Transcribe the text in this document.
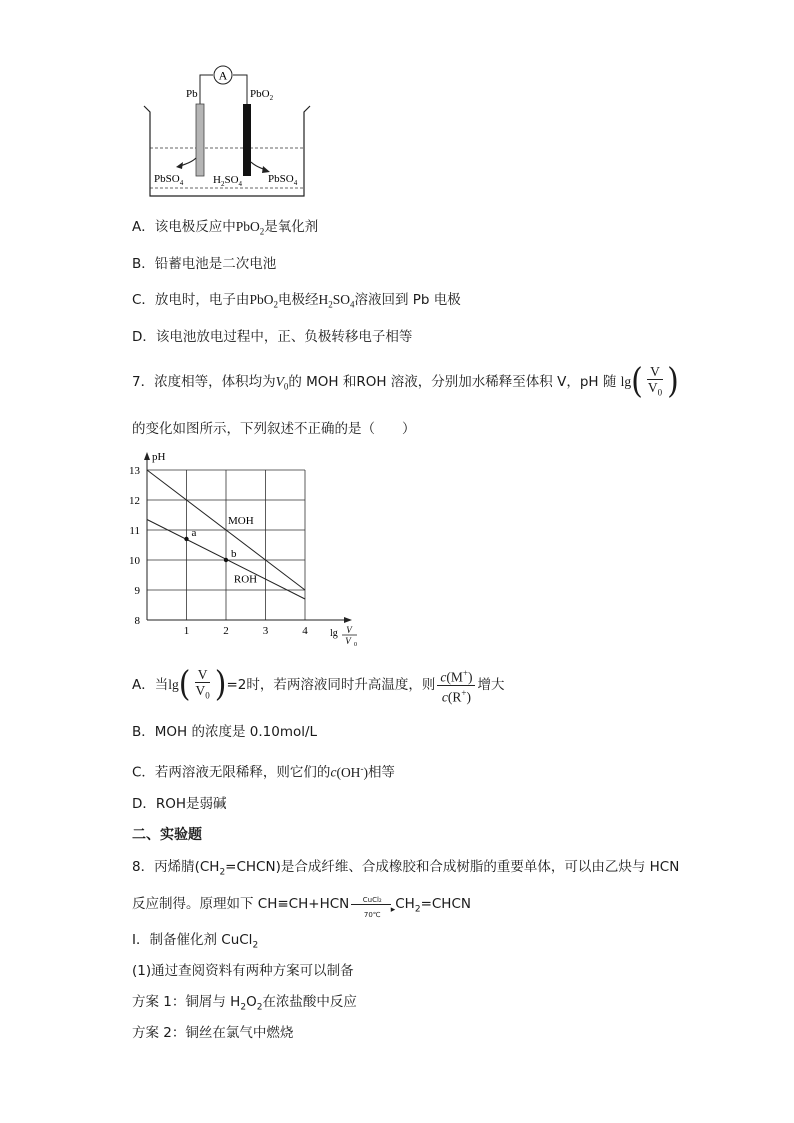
A
Pb	PbO$_2$
PbSO$_4$	$H_2SO_4$ PbSO$_4$
A．该电极反应中PbO$_2$是氧化剂
B．铅蓄电池是二次电池
C．放电时，电子由PbO$_2$电极经$H_2SO_4$溶液回到 Pb 电极
D．该电池放电过程中，正、负极转移电子相等
7．浓度相等，体积均为$V_0$的 MOH 和ROH 溶液，分别加水稀释至体积 V，pH 随 $\lg( \frac{V}{V_0}$ )
的变化如图所示，下列叙述不正确的是（　　）
1	2	3	4
8
9
10
11
12
13
pH
lg V
V 0
MOH
ROH
a
b
A．当$\lg( \frac{V}{V_0} )=2$时，若两溶液同时升高温度，则 $\frac{c(M^+)}{c(R^+)}$ 增大
B．MOH 的浓度是 0.10mol/L
C．若两溶液无限稀释，则它们的c(OH-)相等
D．ROH是弱碱
二、实验题
8．丙烯腈$(CH_2=CHCN)$是合成纤维、合成橡胶和合成树脂的重要单体，可以由乙炔与 HCN
反应制得。原理如下 CH≡CH+HCN	CuCl₂
▸
70℃
$CH_2=CHCN$
Ⅰ．制备催化剂 CuCl$_2$
(1)通过查阅资料有两种方案可以制备
方案 1：铜屑与 $H_2O_2$在浓盐酸中反应
方案 2：铜丝在氯气中燃烧
